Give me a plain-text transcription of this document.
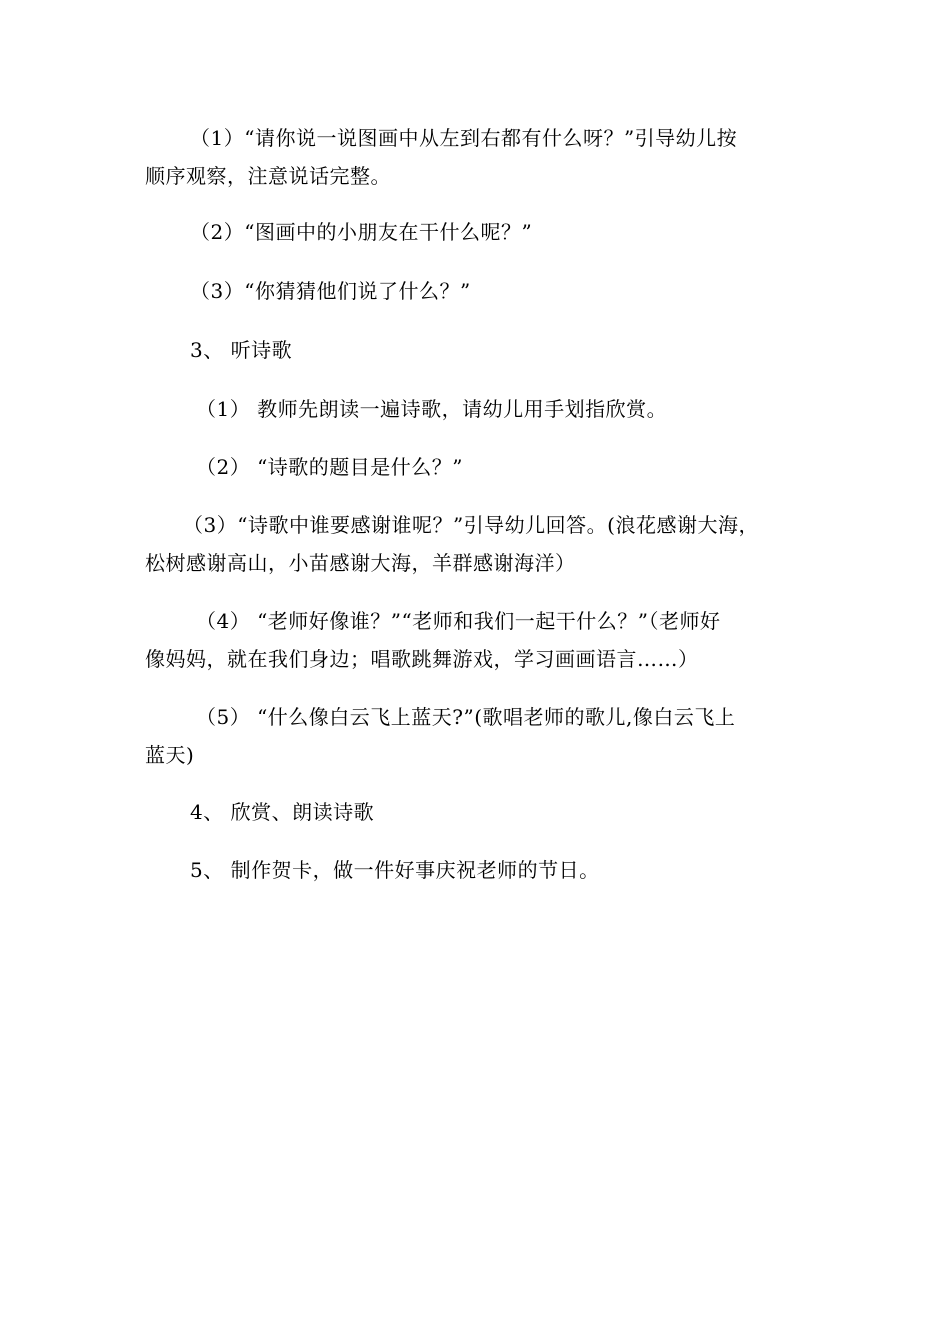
（1）“请你说一说图画中从左到右都有什么呀？”引导幼儿按
顺序观察，注意说话完整。
（2）“图画中的小朋友在干什么呢？”
（3）“你猜猜他们说了什么？”
3、 听诗歌
（1） 教师先朗读一遍诗歌，请幼儿用手划指欣赏。
（2） “诗歌的题目是什么？”
（3）“诗歌中谁要感谢谁呢？”引导幼儿回答。(浪花感谢大海，
松树感谢高山，小苗感谢大海，羊群感谢海洋）
（4） “老师好像谁？”“老师和我们一起干什么？”（老师好
像妈妈，就在我们身边；唱歌跳舞游戏，学习画画语言……）
（5） “什么像白云飞上蓝天?”(歌唱老师的歌儿,像白云飞上
蓝天)
4、 欣赏、朗读诗歌
5、 制作贺卡，做一件好事庆祝老师的节日。
